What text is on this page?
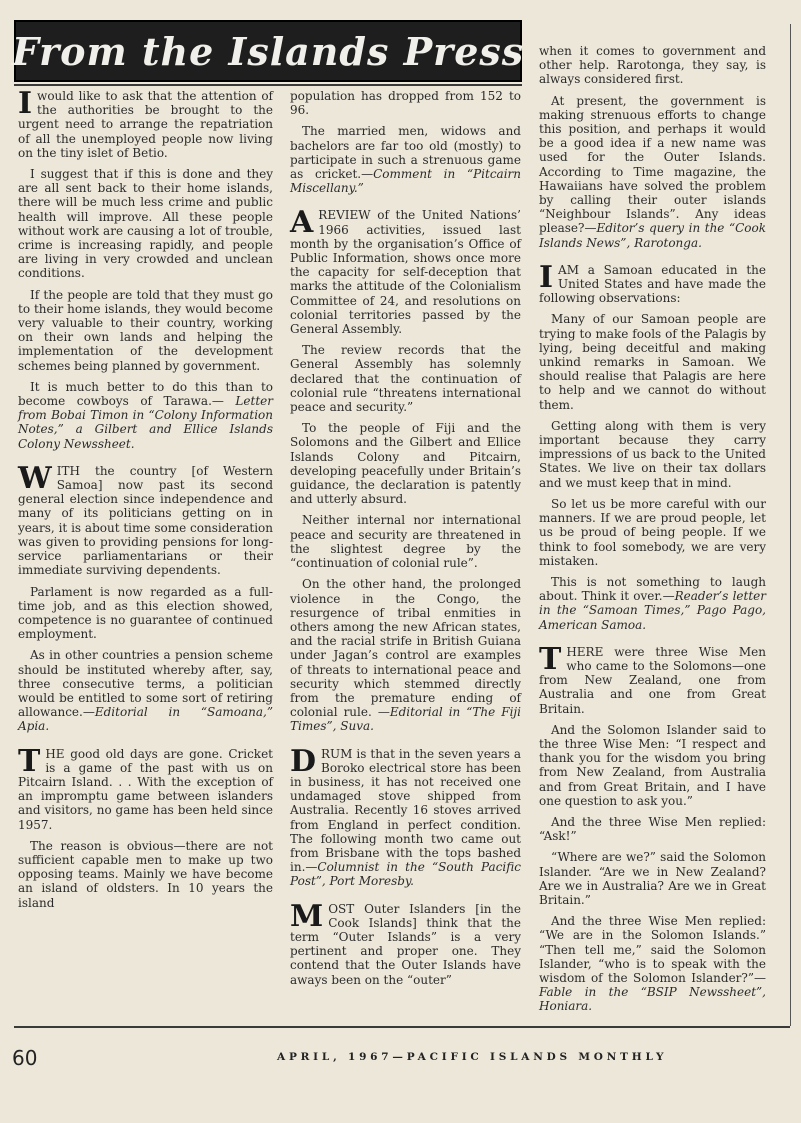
From the Islands Press

Iwould like to ask that the attention of the authorities be brought to the urgent need to arrange the repatriation of all the unemployed people now living on the tiny islet of Betio.

I suggest that if this is done and they are all sent back to their home islands, there will be much less crime and public health will improve. All these people without work are causing a lot of trouble, crime is increasing rapidly, and people are living in very crowded and unclean conditions.

If the people are told that they must go to their home islands, they would become very valuable to their country, working on their own lands and helping the implementation of the development schemes being planned by government.

It is much better to do this than to become cowboys of Tarawa.— Letter from Bobai Timon in “Colony Information Notes,” a Gilbert and Ellice Islands Colony Newssheet.

WITH the country [of Western Samoa] now past its second general election since independence and many of its politicians getting on in years, it is about time some consideration was given to providing pensions for long-service parliamentarians or their immediate surviving dependents.

Parlament is now regarded as a full-time job, and as this election showed, competence is no guarantee of continued employment.

As in other countries a pension scheme should be instituted whereby after, say, three consecutive terms, a politician would be entitled to some sort of retiring allowance.—Editorial in “Samoana,” Apia.

THE good old days are gone. Cricket is a game of the past with us on Pitcairn Island. . . With the exception of an impromptu game between islanders and visitors, no game has been held since 1957.

The reason is obvious—there are not sufficient capable men to make up two opposing teams. Mainly we have become an island of oldsters. In 10 years the island

population has dropped from 152 to 96.

The married men, widows and bachelors are far too old (mostly) to participate in such a strenuous game as cricket.—Comment in “Pitcairn Miscellany.”

AREVIEW of the United Nations’ 1966 activities, issued last month by the organisation’s Office of Public Information, shows once more the capacity for self-deception that marks the attitude of the Colonialism Committee of 24, and resolutions on colonial territories passed by the General Assembly.

The review records that the General Assembly has solemnly declared that the continuation of colonial rule “threatens international peace and security.”

To the people of Fiji and the Solomons and the Gilbert and Ellice Islands Colony and Pitcairn, developing peacefully under Britain’s guidance, the declaration is patently and utterly absurd.

Neither internal nor international peace and security are threatened in the slightest degree by the “continuation of colonial rule”.

On the other hand, the prolonged violence in the Congo, the resurgence of tribal enmities in others among the new African states, and the racial strife in British Guiana under Jagan’s control are examples of threats to international peace and security which stemmed directly from the premature ending of colonial rule. —Editorial in “The Fiji Times”, Suva.

DRUM is that in the seven years a Boroko electrical store has been in business, it has not received one undamaged stove shipped from Australia. Recently 16 stoves arrived from England in perfect condition. The following month two came out from Brisbane with the tops bashed in.—Columnist in the “South Pacific Post”, Port Moresby.

MOST Outer Islanders [in the Cook Islands] think that the term “Outer Islands” is a very pertinent and proper one. They contend that the Outer Islands have aways been on the “outer”

when it comes to government and other help. Rarotonga, they say, is always considered first.

At present, the government is making strenuous efforts to change this position, and perhaps it would be a good idea if a new name was used for the Outer Islands. According to Time magazine, the Hawaiians have solved the problem by calling their outer islands “Neighbour Islands”. Any ideas please?—Editor’s query in the “Cook Islands News”, Rarotonga.

IAM a Samoan educated in the United States and have made the following observations:

Many of our Samoan people are trying to make fools of the Palagis by lying, being deceitful and making unkind remarks in Samoan. We should realise that Palagis are here to help and we cannot do without them.

Getting along with them is very important because they carry impressions of us back to the United States. We live on their tax dollars and we must keep that in mind.

So let us be more careful with our manners. If we are proud people, let us be proud of being people. If we think to fool somebody, we are very mistaken.

This is not something to laugh about. Think it over.—Reader’s letter in the “Samoan Times,” Pago Pago, American Samoa.

THERE were three Wise Men who came to the Solomons—one from New Zealand, one from Australia and one from Great Britain.

And the Solomon Islander said to the three Wise Men: “I respect and thank you for the wisdom you bring from New Zealand, from Australia and from Great Britain, and I have one question to ask you.”

And the three Wise Men replied: “Ask!”

“Where are we?” said the Solomon Islander. “Are we in New Zealand? Are we in Australia? Are we in Great Britain.”

And the three Wise Men replied: “We are in the Solomon Islands.” “Then tell me,” said the Solomon Islander, “who is to speak with the wisdom of the Solomon Islander?”—Fable in the “BSIP Newssheet”, Honiara.

60	APRIL, 1967—PACIFIC ISLANDS MONTHLY
